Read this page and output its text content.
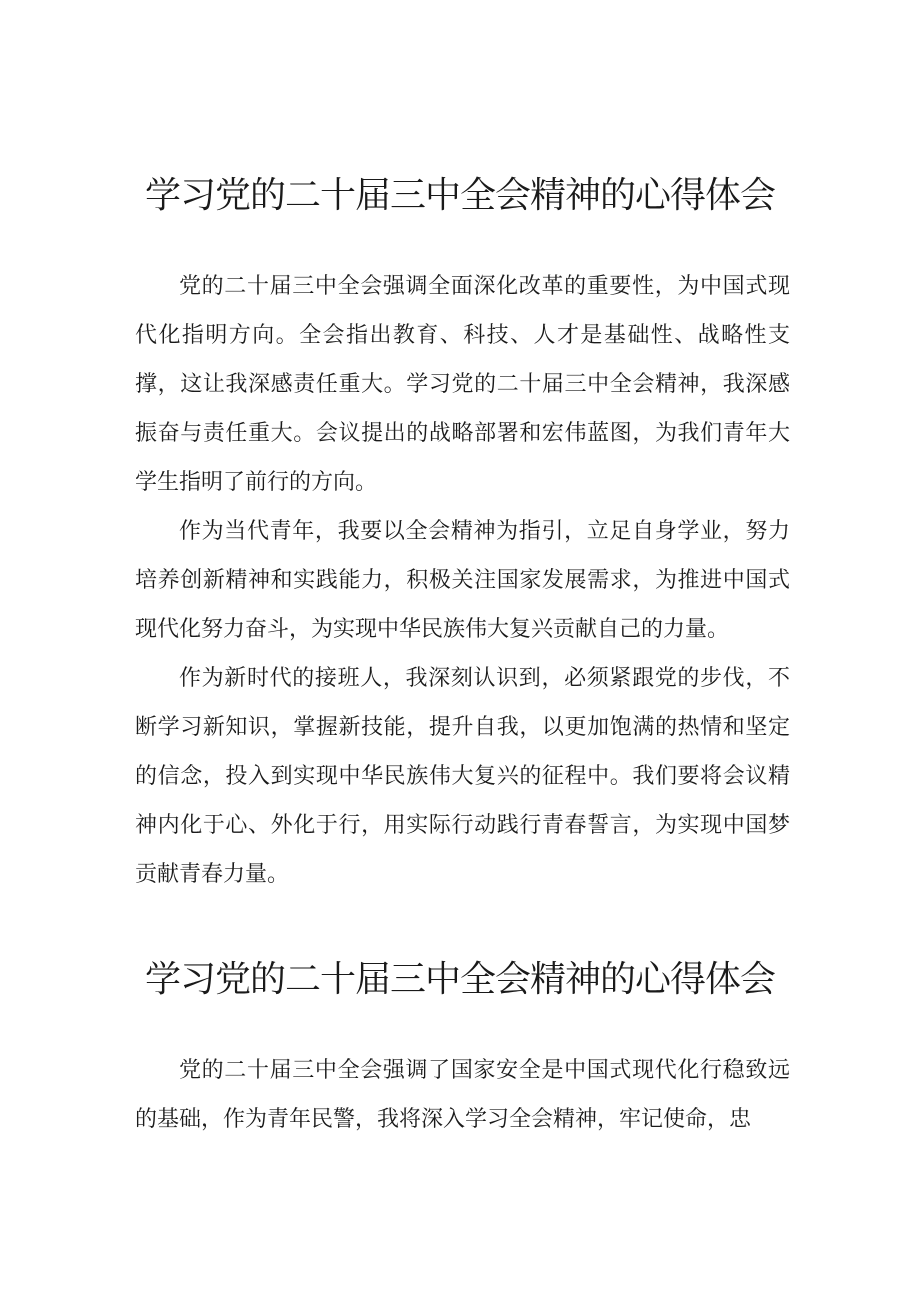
学习党的二十届三中全会精神的心得体会

党的二十届三中全会强调全面深化改革的重要性，为中国式现代化指明方向。全会指出教育、科技、人才是基础性、战略性支撑，这让我深感责任重大。学习党的二十届三中全会精神，我深感振奋与责任重大。会议提出的战略部署和宏伟蓝图，为我们青年大学生指明了前行的方向。

作为当代青年，我要以全会精神为指引，立足自身学业，努力培养创新精神和实践能力，积极关注国家发展需求，为推进中国式现代化努力奋斗，为实现中华民族伟大复兴贡献自己的力量。

作为新时代的接班人，我深刻认识到，必须紧跟党的步伐，不断学习新知识，掌握新技能，提升自我，以更加饱满的热情和坚定的信念，投入到实现中华民族伟大复兴的征程中。我们要将会议精神内化于心、外化于行，用实际行动践行青春誓言，为实现中国梦贡献青春力量。

学习党的二十届三中全会精神的心得体会

党的二十届三中全会强调了国家安全是中国式现代化行稳致远的基础，作为青年民警，我将深入学习全会精神，牢记使命，忠
